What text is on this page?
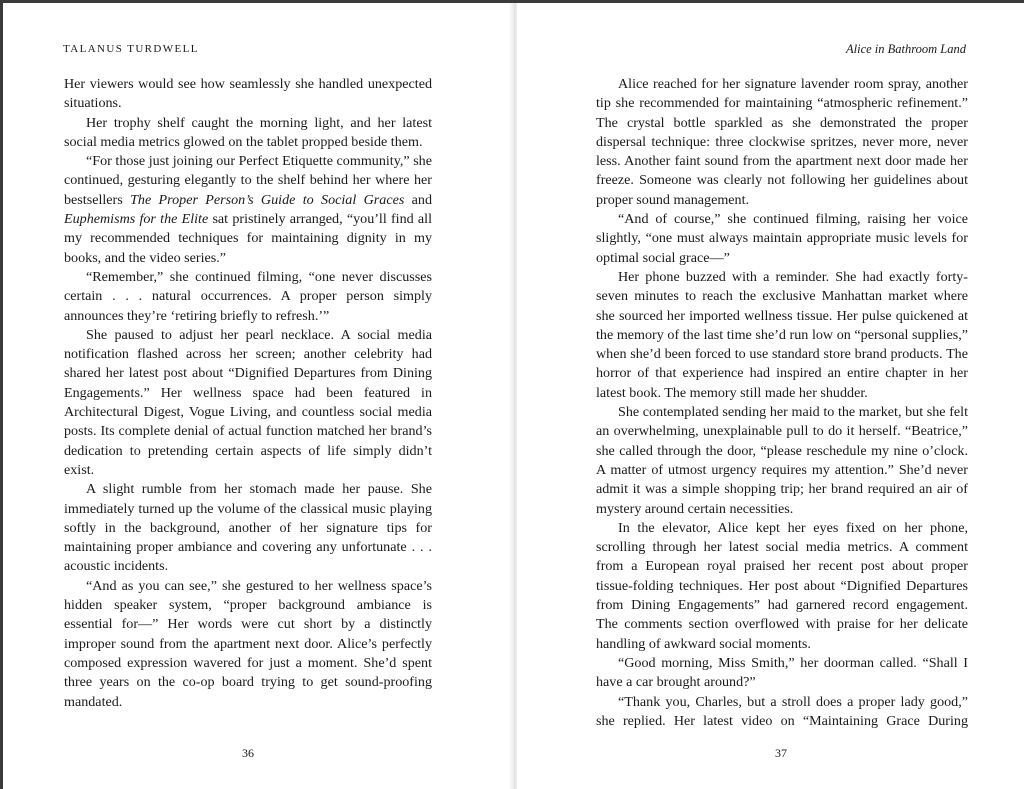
TALANUS TURDWELL

Her viewers would see how seamlessly she handled unexpected situations.

Her trophy shelf caught the morning light, and her latest social media metrics glowed on the tablet propped beside them.

“For those just joining our Perfect Etiquette community,” she continued, gesturing elegantly to the shelf behind her where her bestsellers The Proper Person’s Guide to Social Graces and Euphemisms for the Elite sat pristinely arranged, “you’ll find all my recommended techniques for maintaining dignity in my books, and the video series.”

“Remember,” she continued filming, “one never discusses certain . . . natural occurrences. A proper person simply announces they’re ‘retiring briefly to refresh.’”

She paused to adjust her pearl necklace. A social media notification flashed across her screen; another celebrity had shared her latest post about “Dignified Departures from Dining Engagements.” Her wellness space had been featured in Architectural Digest, Vogue Living, and countless social media posts. Its complete denial of actual function matched her brand’s dedication to pretending certain aspects of life simply didn’t exist.

A slight rumble from her stomach made her pause. She immediately turned up the volume of the classical music playing softly in the background, another of her signature tips for maintaining proper ambiance and covering any unfortunate . . . acoustic incidents.

“And as you can see,” she gestured to her wellness space’s hidden speaker system, “proper background ambiance is essential for—” Her words were cut short by a distinctly improper sound from the apartment next door. Alice’s perfectly composed expression wavered for just a moment. She’d spent three years on the co-op board trying to get sound-proofing mandated.

36
Alice in Bathroom Land

Alice reached for her signature lavender room spray, another tip she recommended for maintaining “atmospheric refinement.” The crystal bottle sparkled as she demonstrated the proper dispersal technique: three clockwise spritzes, never more, never less. Another faint sound from the apartment next door made her freeze. Someone was clearly not following her guidelines about proper sound management.

“And of course,” she continued filming, raising her voice slightly, “one must always maintain appropriate music levels for optimal social grace—”

Her phone buzzed with a reminder. She had exactly forty-seven minutes to reach the exclusive Manhattan market where she sourced her imported wellness tissue. Her pulse quickened at the memory of the last time she’d run low on “personal supplies,” when she’d been forced to use standard store brand products. The horror of that experience had inspired an entire chapter in her latest book. The memory still made her shudder.

She contemplated sending her maid to the market, but she felt an overwhelming, unexplainable pull to do it herself. “Beatrice,” she called through the door, “please reschedule my nine o’clock. A matter of utmost urgency requires my attention.” She’d never admit it was a simple shopping trip; her brand required an air of mystery around certain necessities.

In the elevator, Alice kept her eyes fixed on her phone, scrolling through her latest social media metrics. A comment from a European royal praised her recent post about proper tissue-folding techniques. Her post about “Dignified Departures from Dining Engagements” had garnered record engagement. The comments section overflowed with praise for her delicate handling of awkward social moments.

“Good morning, Miss Smith,” her doorman called. “Shall I have a car brought around?”

“Thank you, Charles, but a stroll does a proper lady good,” she replied. Her latest video on “Maintaining Grace During

37
